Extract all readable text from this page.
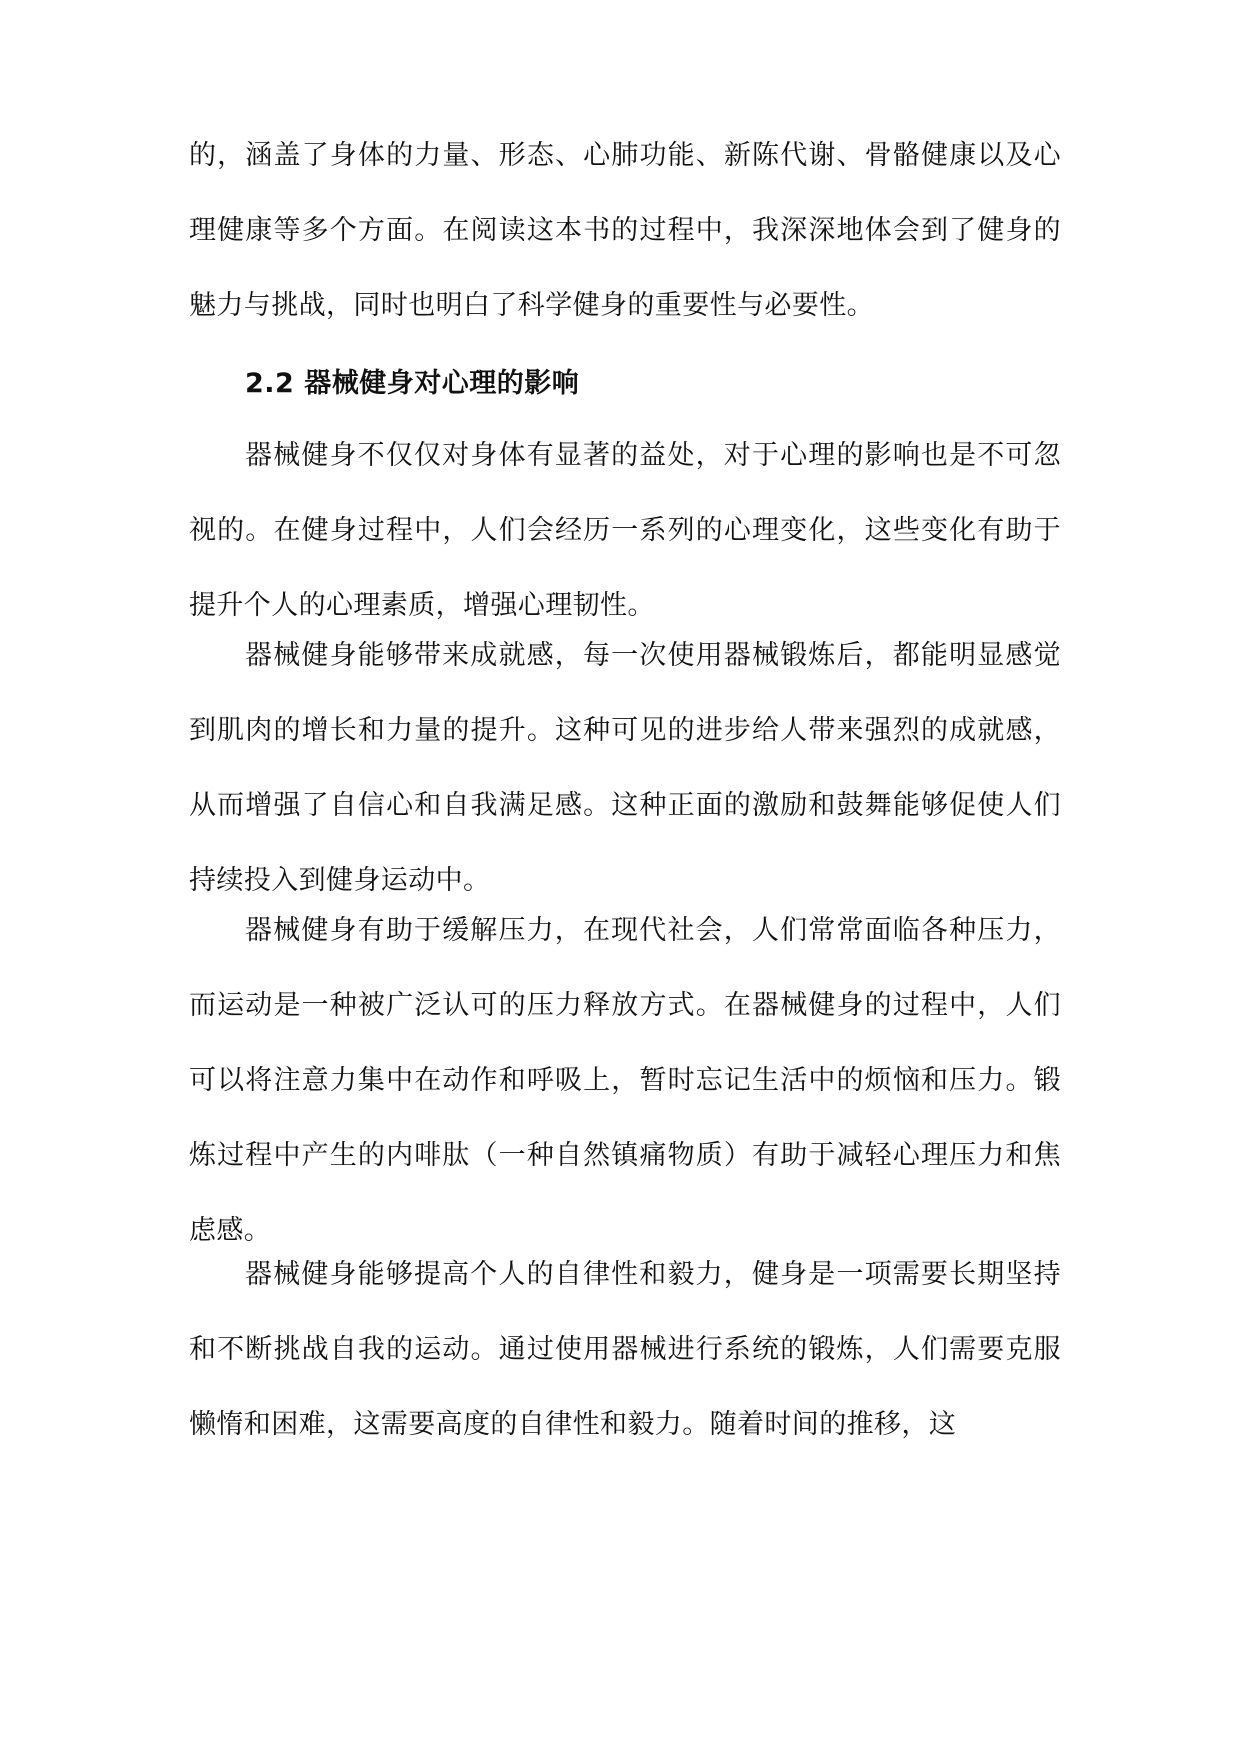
的，涵盖了身体的力量、形态、心肺功能、新陈代谢、骨骼健康以及心理健康等多个方面。在阅读这本书的过程中，我深深地体会到了健身的魅力与挑战，同时也明白了科学健身的重要性与必要性。

2.2 器械健身对心理的影响

器械健身不仅仅对身体有显著的益处，对于心理的影响也是不可忽视的。在健身过程中，人们会经历一系列的心理变化，这些变化有助于提升个人的心理素质，增强心理韧性。

器械健身能够带来成就感，每一次使用器械锻炼后，都能明显感觉到肌肉的增长和力量的提升。这种可见的进步给人带来强烈的成就感，从而增强了自信心和自我满足感。这种正面的激励和鼓舞能够促使人们持续投入到健身运动中。

器械健身有助于缓解压力，在现代社会，人们常常面临各种压力，而运动是一种被广泛认可的压力释放方式。在器械健身的过程中，人们可以将注意力集中在动作和呼吸上，暂时忘记生活中的烦恼和压力。锻炼过程中产生的内啡肽（一种自然镇痛物质）有助于减轻心理压力和焦虑感。

器械健身能够提高个人的自律性和毅力，健身是一项需要长期坚持和不断挑战自我的运动。通过使用器械进行系统的锻炼，人们需要克服懒惰和困难，这需要高度的自律性和毅力。随着时间的推移，这
